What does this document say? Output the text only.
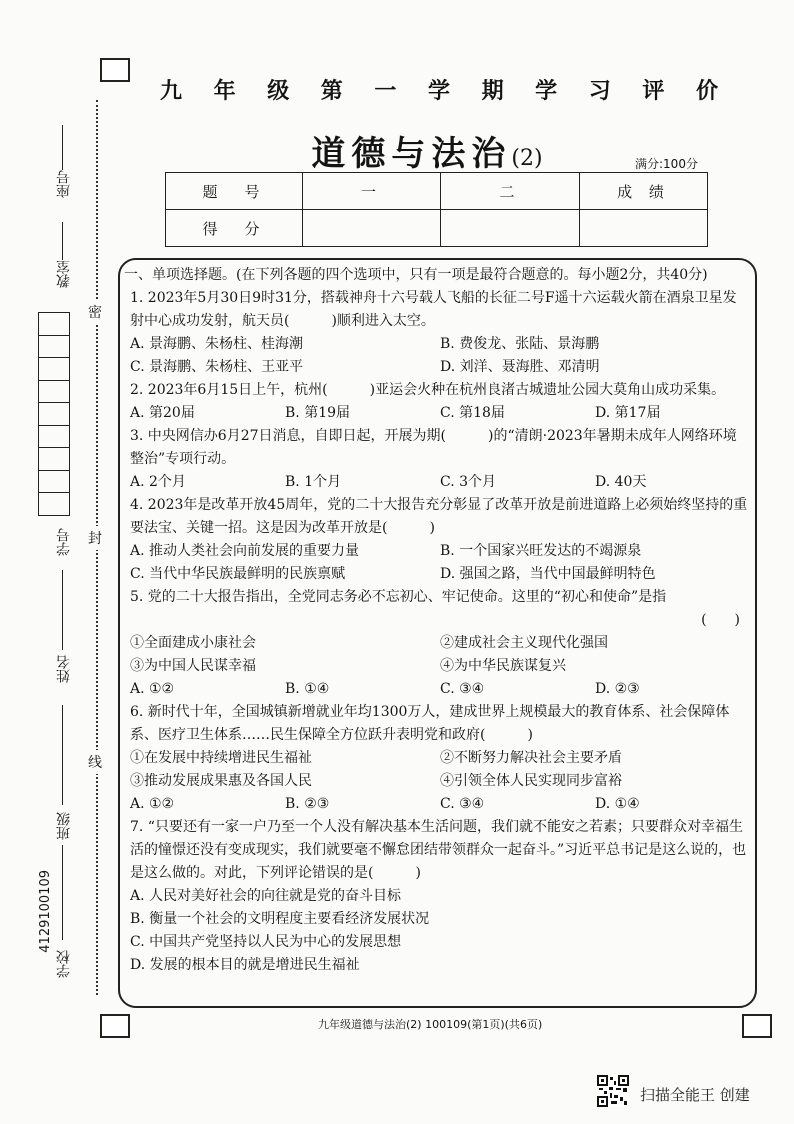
密
封
线
座号
教室
学号
姓名
班级
学校
4129100109
九 年 级 第 一 学 期 学 习 评 价
道德与法治(2)	满分:100分
题　号	一	二	成 绩
得　分			

一、单项选择题。(在下列各题的四个选项中，只有一项是最符合题意的。每小题2分，共40分)

1. 2023年5月30日9时31分，搭载神舟十六号载人飞船的长征二号F遥十六运载火箭在酒泉卫星发射中心成功发射，航天员(	)顺利进入太空。

A. 景海鹏、朱杨柱、桂海潮	B. 费俊龙、张陆、景海鹏
C. 景海鹏、朱杨柱、王亚平	D. 刘洋、聂海胜、邓清明

2. 2023年6月15日上午，杭州(	)亚运会火种在杭州良渚古城遗址公园大莫角山成功采集。

A. 第20届	B. 第19届	C. 第18届	D. 第17届

3. 中央网信办6月27日消息，自即日起，开展为期(	)的“清朗·2023年暑期未成年人网络环境整治”专项行动。

A. 2个月	B. 1个月	C. 3个月	D. 40天

4. 2023年是改革开放45周年，党的二十大报告充分彰显了改革开放是前进道路上必须始终坚持的重要法宝、关键一招。这是因为改革开放是(　　　)

A. 推动人类社会向前发展的重要力量	B. 一个国家兴旺发达的不竭源泉
C. 当代中华民族最鲜明的民族禀赋	D. 强国之路，当代中国最鲜明特色

5. 党的二十大报告指出，全党同志务必不忘初心、牢记使命。这里的“初心和使命”是指

(　　)

①全面建成小康社会	②建成社会主义现代化强国
③为中国人民谋幸福	④为中华民族谋复兴
A. ①②	B. ①④	C. ③④	D. ②③

6. 新时代十年，全国城镇新增就业年均1300万人，建成世界上规模最大的教育体系、社会保障体系、医疗卫生体系……民生保障全方位跃升表明党和政府(　　　)

①在发展中持续增进民生福祉	②不断努力解决社会主要矛盾
③推动发展成果惠及各国人民	④引领全体人民实现同步富裕
A. ①②	B. ②③	C. ③④	D. ①④

7. “只要还有一家一户乃至一个人没有解决基本生活问题，我们就不能安之若素；只要群众对幸福生活的憧憬还没有变成现实，我们就要毫不懈怠团结带领群众一起奋斗。”习近平总书记是这么说的，也是这么做的。对此，下列评论错误的是(　　　)

A. 人民对美好社会的向往就是党的奋斗目标
B. 衡量一个社会的文明程度主要看经济发展状况
C. 中国共产党坚持以人民为中心的发展思想
D. 发展的根本目的就是增进民生福祉
九年级道德与法治(2) 100109(第1页)(共6页)
扫描全能王 创建
